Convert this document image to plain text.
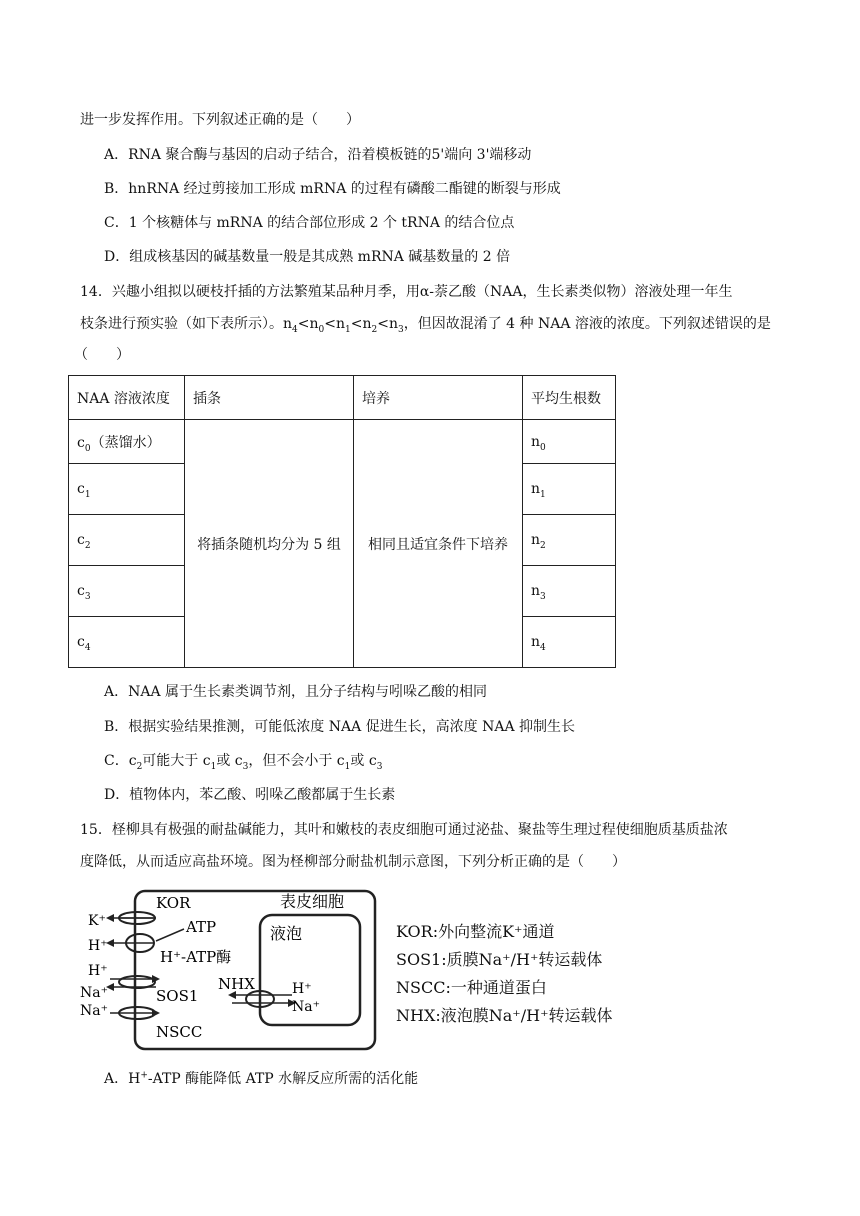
进一步发挥作用。下列叙述正确的是（　　）
A．RNA 聚合酶与基因的启动子结合，沿着模板链的5'端向 3'端移动
B．hnRNA 经过剪接加工形成 mRNA 的过程有磷酸二酯键的断裂与形成
C．1 个核糖体与 mRNA 的结合部位形成 2 个 tRNA 的结合位点
D．组成核基因的碱基数量一般是其成熟 mRNA 碱基数量的 2 倍
14．兴趣小组拟以硬枝扦插的方法繁殖某品种月季，用α-萘乙酸（NAA，生长素类似物）溶液处理一年生
枝条进行预实验（如下表所示）。$n_4<n_0<n_1<n_2<n_3$，但因故混淆了 4 种 NAA 溶液的浓度。下列叙述错误的是
（　　）
NAA 溶液浓度	插条	培养	平均生根数
$c_0$（蒸馏水）	将插条随机均分为 5 组	相同且适宜条件下培养	$n_0$
$c_1$			$n_1$
$c_2$			$n_2$
$c_3$			$n_3$
$c_4$			$n_4$
A．NAA 属于生长素类调节剂，且分子结构与吲哚乙酸的相同
B．根据实验结果推测，可能低浓度 NAA 促进生长，高浓度 NAA 抑制生长
C．$c_2$可能大于 $c_1$或 $c_3$，但不会小于 $c_1$或 $c_3$
D．植物体内，苯乙酸、吲哚乙酸都属于生长素
15．柽柳具有极强的耐盐碱能力，其叶和嫩枝的表皮细胞可通过泌盐、聚盐等生理过程使细胞质基质盐浓
度降低，从而适应高盐环境。图为柽柳部分耐盐机制示意图，下列分析正确的是（　　）
表皮细胞
液泡
KOR
K⁺
H⁺
ATP
H⁺-ATP酶
H⁺
Na⁺	SOS1
Na⁺
NSCC
NHX	H⁺
Na⁺
KOR:外向整流K⁺通道
SOS1:质膜Na⁺/H⁺转运载体
NSCC:一种通道蛋白
NHX:液泡膜Na⁺/H⁺转运载体
A．H+-ATP 酶能降低 ATP 水解反应所需的活化能
